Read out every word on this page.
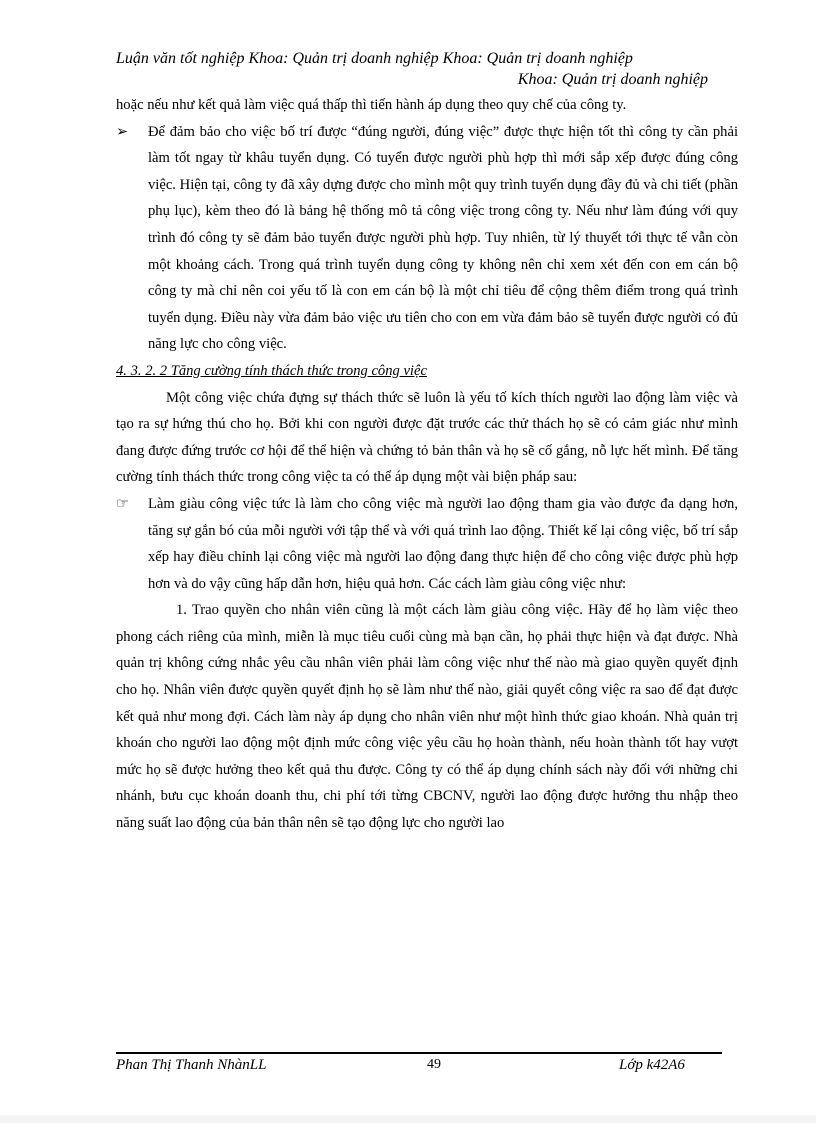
Luận văn tốt nghiệp Khoa: Quản trị doanh nghiệp Khoa: Quản trị doanh nghiệp
Khoa: Quản trị doanh nghiệp

hoặc nếu như kết quả làm việc quá thấp thì tiến hành áp dụng theo quy chế của công ty.

➢	Để đảm bảo cho việc bố trí được “đúng người, đúng việc” được thực hiện tốt thì công ty cần phải làm tốt ngay từ khâu tuyển dụng. Có tuyển được người phù hợp thì mới sắp xếp được đúng công việc. Hiện tại, công ty đã xây dựng được cho mình một quy trình tuyển dụng đầy đủ và chi tiết (phần phụ lục), kèm theo đó là bảng hệ thống mô tả công việc trong công ty. Nếu như làm đúng với quy trình đó công ty sẽ đảm bảo tuyển được người phù hợp. Tuy nhiên, từ lý thuyết tới thực tế vẫn còn một khoảng cách. Trong quá trình tuyển dụng công ty không nên chỉ xem xét đến con em cán bộ công ty mà chỉ nên coi yếu tố là con em cán bộ là một chỉ tiêu để cộng thêm điểm trong quá trình tuyển dụng. Điều này vừa đảm bảo việc ưu tiên cho con em vừa đảm bảo sẽ tuyển được người có đủ năng lực cho công việc.

4. 3. 2. 2 Tăng cường tính thách thức trong công việc

Một công việc chứa đựng sự thách thức sẽ luôn là yếu tố kích thích người lao động làm việc và tạo ra sự hứng thú cho họ. Bởi khi con người được đặt trước các thử thách họ sẽ có cảm giác như mình đang được đứng trước cơ hội để thể hiện và chứng tỏ bản thân và họ sẽ cố gắng, nỗ lực hết mình. Để tăng cường tính thách thức trong công việc ta có thể áp dụng một vài biện pháp sau:

☞	Làm giàu công việc tức là làm cho công việc mà người lao động tham gia vào được đa dạng hơn, tăng sự gắn bó của mỗi người với tập thể và với quá trình lao động. Thiết kế lại công việc, bố trí sắp xếp hay điều chỉnh lại công việc mà người lao động đang thực hiện để cho công việc được phù hợp hơn và do vậy cũng hấp dẫn hơn, hiệu quả hơn. Các cách làm giàu công việc như:

1. Trao quyền cho nhân viên cũng là một cách làm giàu công việc. Hãy để họ làm việc theo phong cách riêng của mình, miễn là mục tiêu cuối cùng mà bạn cần, họ phải thực hiện và đạt được. Nhà quản trị không cứng nhắc yêu cầu nhân viên phải làm công việc như thế nào mà giao quyền quyết định cho họ. Nhân viên được quyền quyết định họ sẽ làm như thế nào, giải quyết công việc ra sao để đạt được kết quả như mong đợi. Cách làm này áp dụng cho nhân viên như một hình thức giao khoán. Nhà quản trị khoán cho người lao động một định mức công việc yêu cầu họ hoàn thành, nếu hoàn thành tốt hay vượt mức họ sẽ được hưởng theo kết quả thu được. Công ty có thể áp dụng chính sách này đối với những chi nhánh, bưu cục khoán doanh thu, chi phí tới từng CBCNV, người lao động được hưởng thu nhập theo năng suất lao động của bản thân nên sẽ tạo động lực cho người lao

Phan Thị Thanh NhànLL	49	Lớp k42A6
